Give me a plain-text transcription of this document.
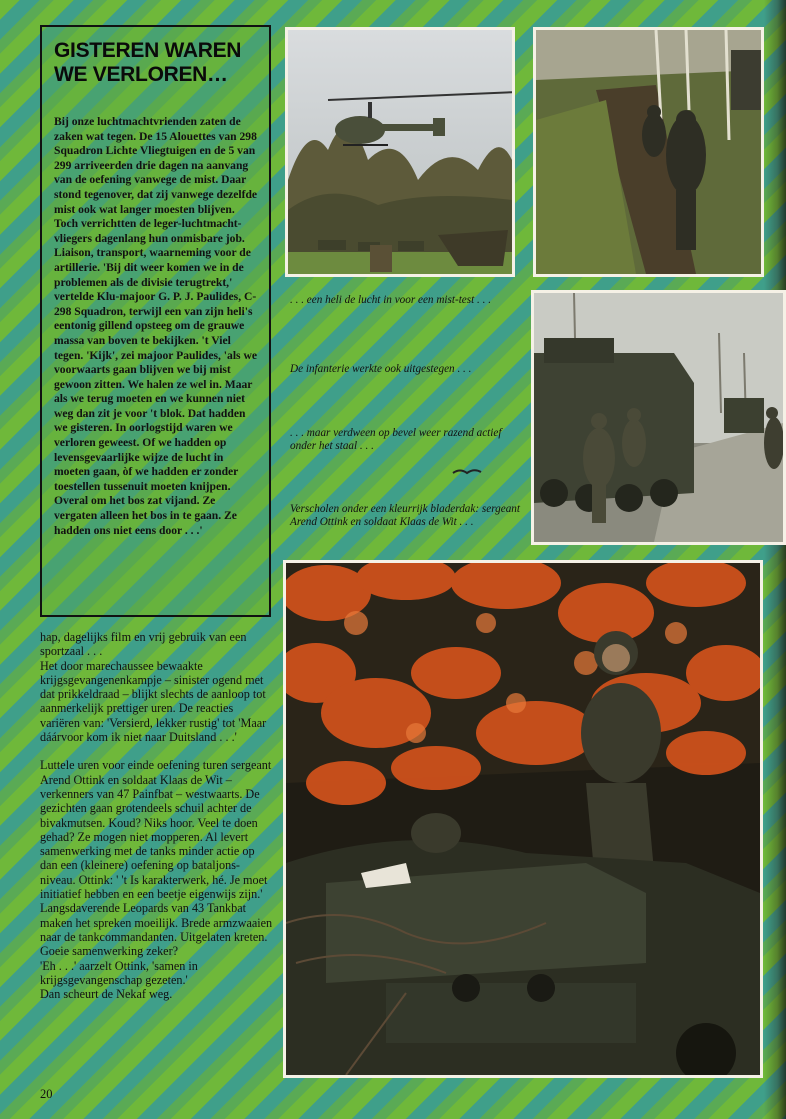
GISTEREN WAREN
WE VERLOREN…
Bij onze luchtmachtvrienden zaten de zaken wat tegen. De 15 Alouettes van 298 Squadron Lichte Vliegtuigen en de 5 van 299 arriveerden drie dagen na aanvang van de oefening vanwege de mist. Daar stond tegenover, dat zij vanwege dezelfde mist ook wat langer moesten blijven. Toch verrichtten de leger-luchtmacht-vliegers dagenlang hun onmisbare job. Liaison, transport, waarneming voor de artillerie. 'Bij dit weer komen we in de problemen als de divisie terugtrekt,' vertelde Klu-majoor G. P. J. Paulides, C-298 Squadron, terwijl een van zijn heli's eentonig gillend opsteeg om de grauwe massa van boven te bekijken. 't Viel tegen. 'Kijk', zei majoor Paulides, 'als we voorwaarts gaan blijven we bij mist gewoon zitten. We halen ze wel in. Maar als we terug moeten en we kunnen niet weg dan zit je voor 't blok. Dat hadden we gisteren. In oorlogstijd waren we verloren geweest. Of we hadden op levensgevaarlijke wijze de lucht in moeten gaan, òf we hadden er zonder toestellen tussenuit moeten knijpen. Overal om het bos zat vijand. Ze vergaten alleen het bos in te gaan. Ze hadden ons niet eens door . . .'

hap, dagelijks film en vrij gebruik van een sportzaal . . .
Het door marechaussee bewaakte krijgsgevangenenkampje – sinister ogend met dat prikkeldraad – blijkt slechts de aanloop tot aanmerkelijk prettiger uren. De reacties variëren van: 'Versierd, lekker rustig' tot 'Maar dáárvoor kom ik niet naar Duitsland . . .'

Luttele uren voor einde oefening turen sergeant Arend Ottink en soldaat Klaas de Wit – verkenners van 47 Painfbat – westwaarts. De gezichten gaan grotendeels schuil achter de bivakmutsen. Koud? Niks hoor. Veel te doen gehad? Ze mogen niet mopperen. Al levert samenwerking met de tanks minder actie op dan een (kleinere) oefening op bataljons-niveau. Ottink: ' 't Is karakterwerk, hé. Je moet initiatief hebben en een beetje eigenwijs zijn.' Langsdaverende Leopards van 43 Tankbat maken het spreken moeilijk. Brede armzwaaien naar de tankcommandanten. Uitgelaten kreten. Goeie samenwerking zeker?
'Eh . . .' aarzelt Ottink, 'samen in krijgsgevangenschap gezeten.'
Dan scheurt de Nekaf weg.

20
. . . een heli de lucht in voor een mist-test . . .
De infanterie werkte ook uitgestegen . . .
. . . maar verdween op bevel weer razend actief onder het staal . . .
Verscholen onder een kleurrijk bladerdak: sergeant Arend Ottink en soldaat Klaas de Wit . . .
